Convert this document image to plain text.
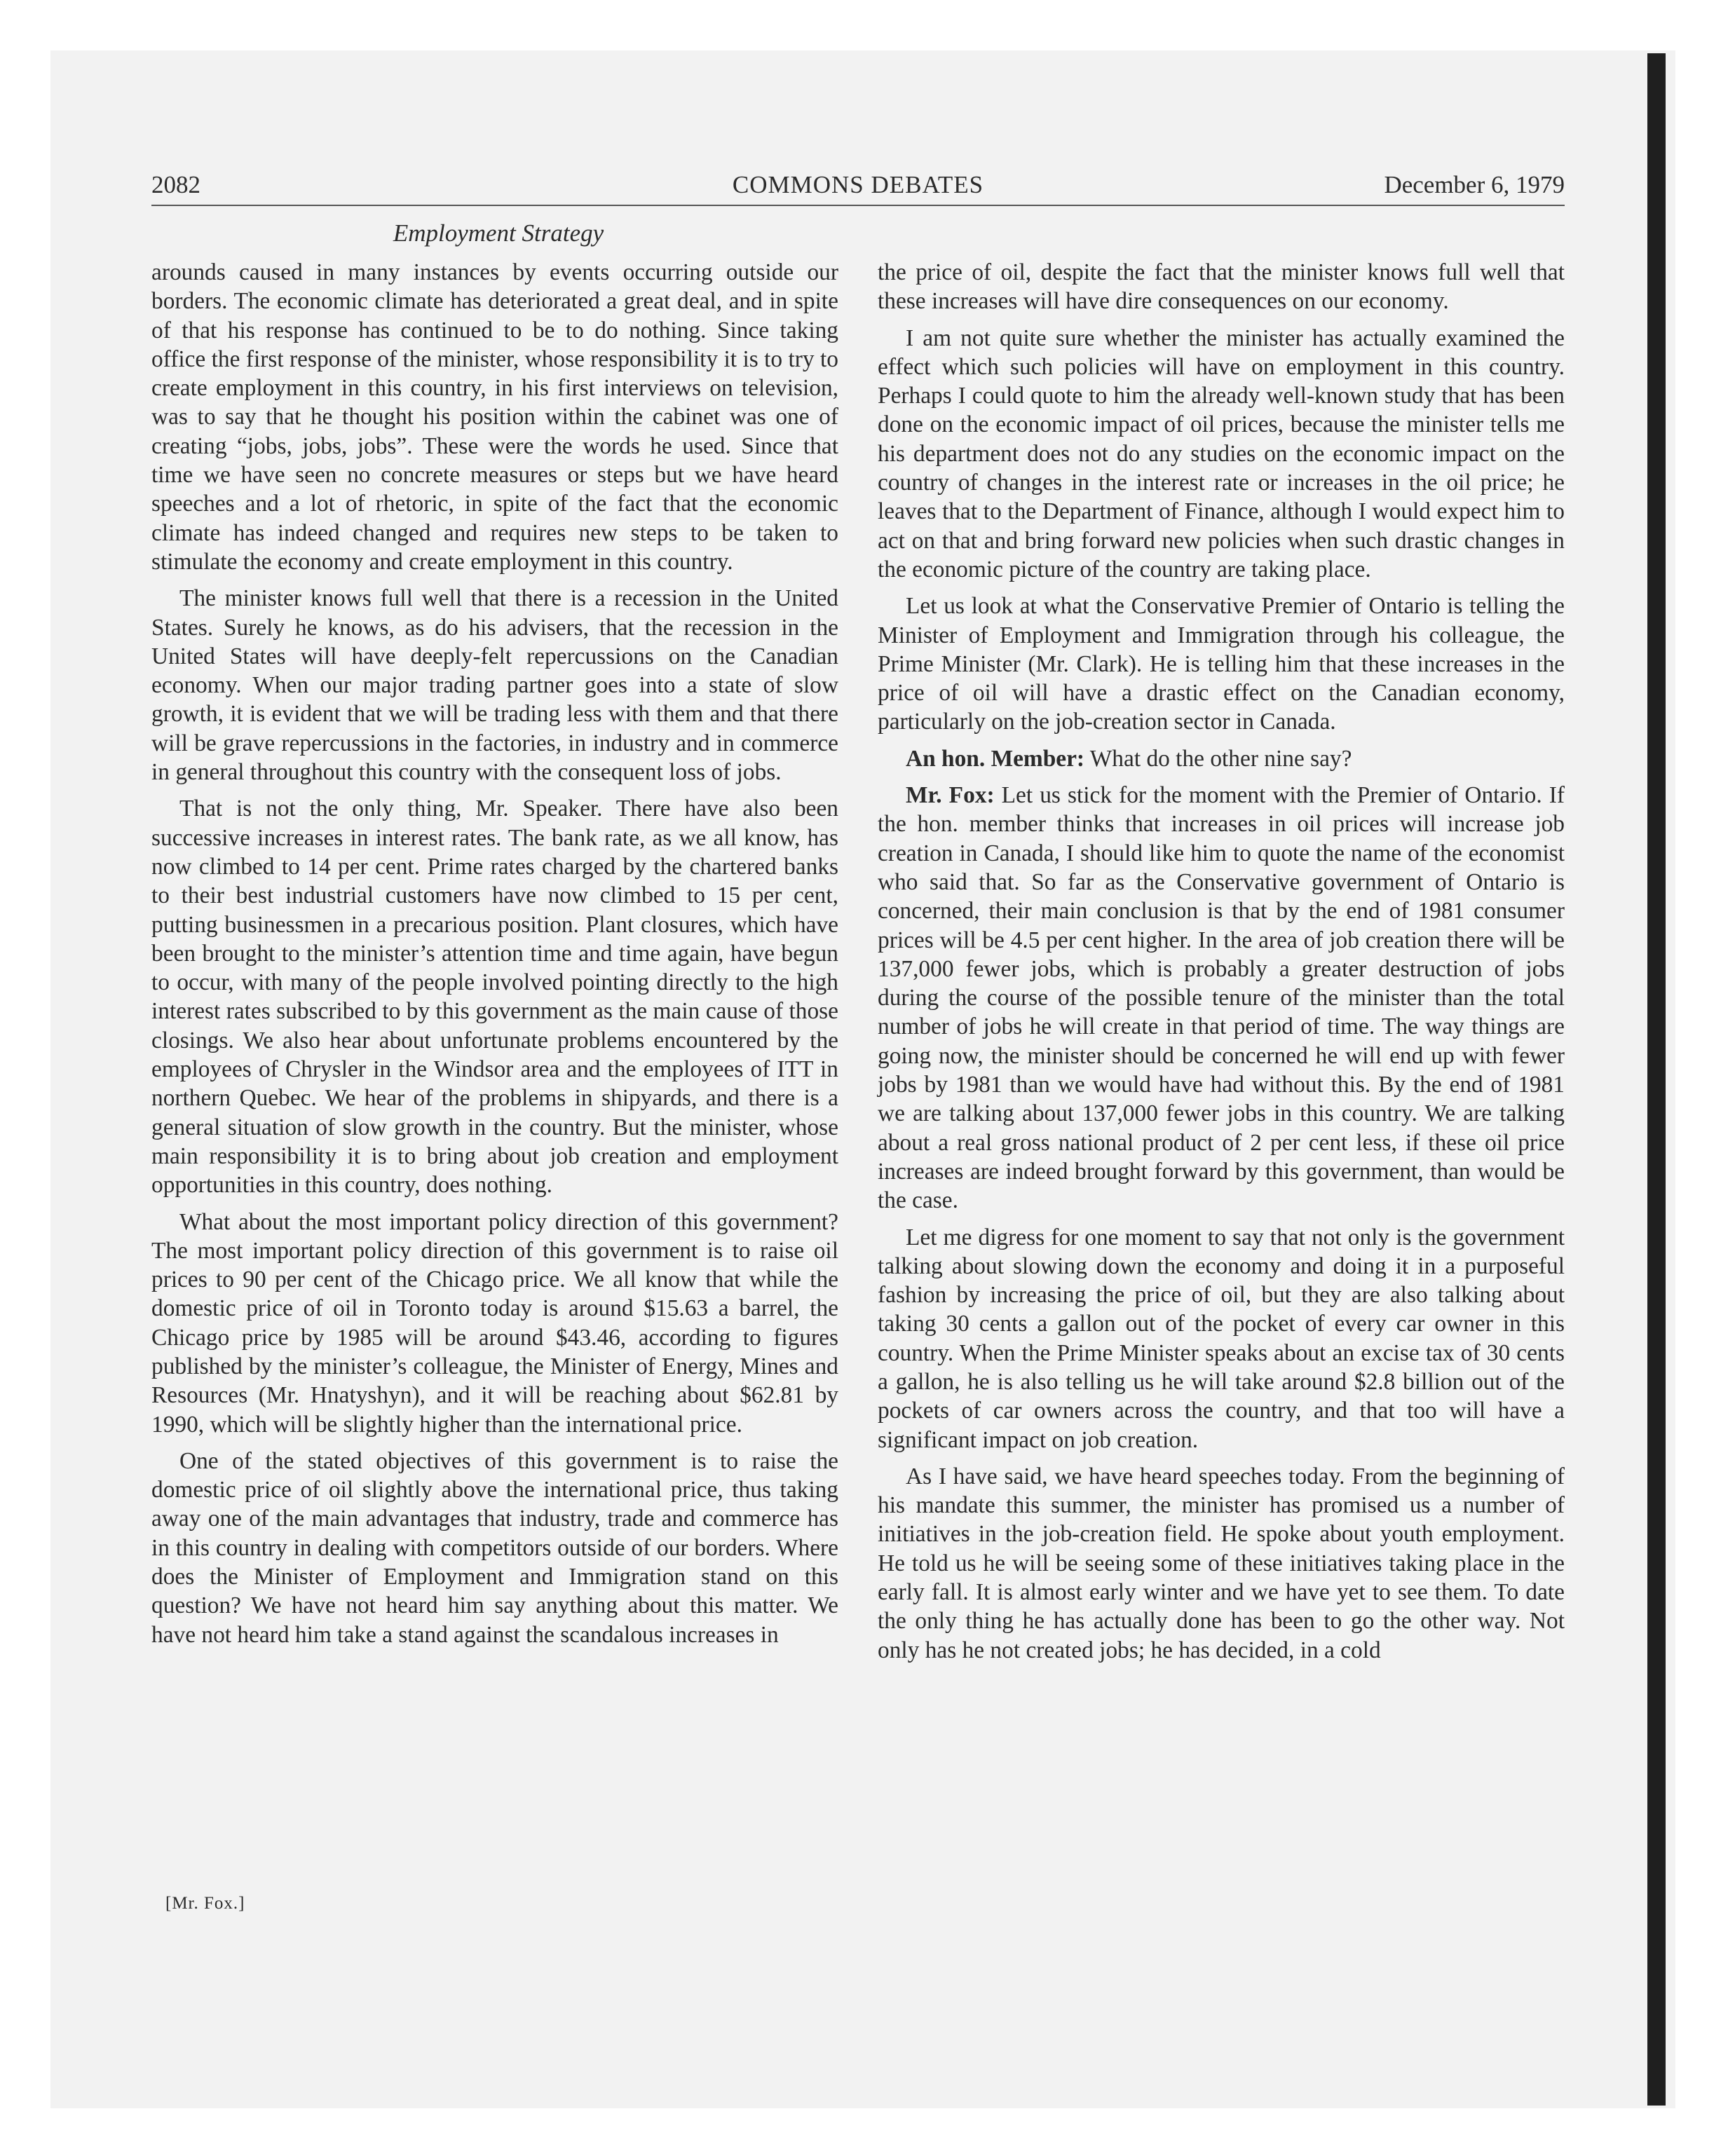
2082	COMMONS DEBATES	December 6, 1979
Employment Strategy

arounds caused in many instances by events occurring outside our borders. The economic climate has deteriorated a great deal, and in spite of that his response has continued to be to do nothing. Since taking office the first response of the minister, whose responsibility it is to try to create employment in this country, in his first interviews on television, was to say that he thought his position within the cabinet was one of creating “jobs, jobs, jobs”. These were the words he used. Since that time we have seen no concrete measures or steps but we have heard speeches and a lot of rhetoric, in spite of the fact that the economic climate has indeed changed and requires new steps to be taken to stimulate the economy and create employment in this country.

The minister knows full well that there is a recession in the United States. Surely he knows, as do his advisers, that the recession in the United States will have deeply-felt repercussions on the Canadian economy. When our major trading partner goes into a state of slow growth, it is evident that we will be trading less with them and that there will be grave repercussions in the factories, in industry and in commerce in general throughout this country with the consequent loss of jobs.

That is not the only thing, Mr. Speaker. There have also been successive increases in interest rates. The bank rate, as we all know, has now climbed to 14 per cent. Prime rates charged by the chartered banks to their best industrial customers have now climbed to 15 per cent, putting businessmen in a precarious position. Plant closures, which have been brought to the minister’s attention time and time again, have begun to occur, with many of the people involved pointing directly to the high interest rates subscribed to by this government as the main cause of those closings. We also hear about unfortunate problems encountered by the employees of Chrysler in the Windsor area and the employees of ITT in northern Quebec. We hear of the problems in shipyards, and there is a general situation of slow growth in the country. But the minister, whose main responsibility it is to bring about job creation and employment opportunities in this country, does nothing.

What about the most important policy direction of this government? The most important policy direction of this government is to raise oil prices to 90 per cent of the Chicago price. We all know that while the domestic price of oil in Toronto today is around $15.63 a barrel, the Chicago price by 1985 will be around $43.46, according to figures published by the minister’s colleague, the Minister of Energy, Mines and Resources (Mr. Hnatyshyn), and it will be reaching about $62.81 by 1990, which will be slightly higher than the international price.

One of the stated objectives of this government is to raise the domestic price of oil slightly above the international price, thus taking away one of the main advantages that industry, trade and commerce has in this country in dealing with competitors outside of our borders. Where does the Minister of Employment and Immigration stand on this question? We have not heard him say anything about this matter. We have not heard him take a stand against the scandalous increases in

the price of oil, despite the fact that the minister knows full well that these increases will have dire consequences on our economy.

I am not quite sure whether the minister has actually examined the effect which such policies will have on employment in this country. Perhaps I could quote to him the already well-known study that has been done on the economic impact of oil prices, because the minister tells me his department does not do any studies on the economic impact on the country of changes in the interest rate or increases in the oil price; he leaves that to the Department of Finance, although I would expect him to act on that and bring forward new policies when such drastic changes in the economic picture of the country are taking place.

Let us look at what the Conservative Premier of Ontario is telling the Minister of Employment and Immigration through his colleague, the Prime Minister (Mr. Clark). He is telling him that these increases in the price of oil will have a drastic effect on the Canadian economy, particularly on the job-creation sector in Canada.

An hon. Member: What do the other nine say?

Mr. Fox: Let us stick for the moment with the Premier of Ontario. If the hon. member thinks that increases in oil prices will increase job creation in Canada, I should like him to quote the name of the economist who said that. So far as the Conservative government of Ontario is concerned, their main conclusion is that by the end of 1981 consumer prices will be 4.5 per cent higher. In the area of job creation there will be 137,000 fewer jobs, which is probably a greater destruction of jobs during the course of the possible tenure of the minister than the total number of jobs he will create in that period of time. The way things are going now, the minister should be concerned he will end up with fewer jobs by 1981 than we would have had without this. By the end of 1981 we are talking about 137,000 fewer jobs in this country. We are talking about a real gross national product of 2 per cent less, if these oil price increases are indeed brought forward by this government, than would be the case.

Let me digress for one moment to say that not only is the government talking about slowing down the economy and doing it in a purposeful fashion by increasing the price of oil, but they are also talking about taking 30 cents a gallon out of the pocket of every car owner in this country. When the Prime Minister speaks about an excise tax of 30 cents a gallon, he is also telling us he will take around $2.8 billion out of the pockets of car owners across the country, and that too will have a significant impact on job creation.

As I have said, we have heard speeches today. From the beginning of his mandate this summer, the minister has promised us a number of initiatives in the job-creation field. He spoke about youth employment. He told us he will be seeing some of these initiatives taking place in the early fall. It is almost early winter and we have yet to see them. To date the only thing he has actually done has been to go the other way. Not only has he not created jobs; he has decided, in a cold

[Mr. Fox.]
